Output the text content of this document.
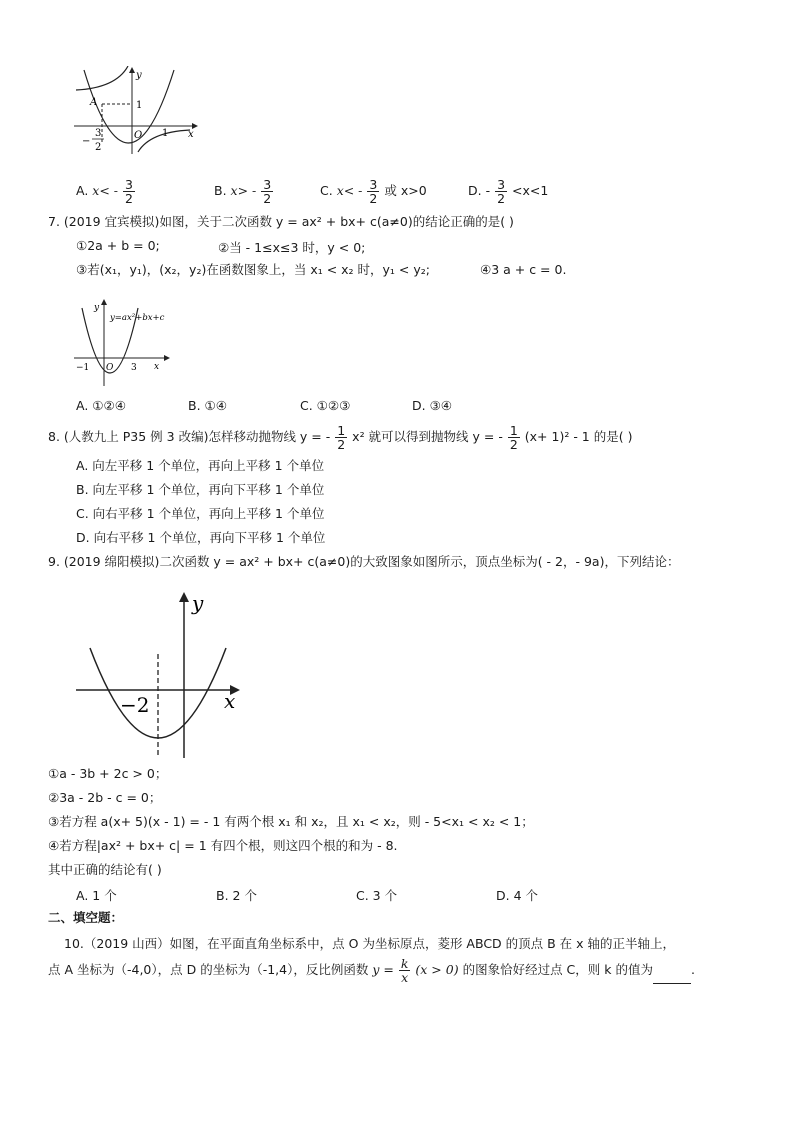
y
x
A	1
O 1
−
3
2
A. $x< - \frac{3}{2}$	B. $x> - \frac{3}{2}$	C. $x< - \frac{3}{2}$ 或 x>0	D. - $\frac{3}{2} <x<1$
7. (2019 宜宾模拟)如图，关于二次函数 y = ax² + bx+ c(a≠0)的结论正确的是( )
①2a + b = 0;	②当 - 1≤x≤3 时，y < 0;
③若(x₁，y₁)，(x₂，y₂)在函数图象上，当 x₁ < x₂ 时，y₁ < y₂;	④3 a + c = 0.
y
y=ax²+bx+c
−1 O 3 x
A. ①②④	B. ①④	C. ①②③	D. ③④
8. (人教九上 P35 例 3 改编)怎样移动抛物线 y = - $\frac{1}{2} x^2$ 就可以得到抛物线 y = - $\frac{1}{2} (x+ 1)^2 - 1$ 的是( )
A. 向左平移 1 个单位，再向上平移 1 个单位
B. 向左平移 1 个单位，再向下平移 1 个单位
C. 向右平移 1 个单位，再向上平移 1 个单位
D. 向右平移 1 个单位，再向下平移 1 个单位
9. (2019 绵阳模拟)二次函数 y = ax² + bx+ c(a≠0)的大致图象如图所示，顶点坐标为( - 2，- 9a)，下列结论：
y
x
−2
①a - 3b + 2c > 0；
②3a - 2b - c = 0；
③若方程 a(x+ 5)(x - 1) = - 1 有两个根 x₁ 和 x₂，且 x₁ < x₂，则 - 5<x₁ < x₂ < 1；
④若方程|ax² + bx+ c| = 1 有四个根，则这四个根的和为 - 8.
其中正确的结论有( )
A. 1 个	B. 2 个	C. 3 个	D. 4 个
二、填空题：
10.（2019 山西）如图，在平面直角坐标系中，点 O 为坐标原点，菱形 ABCD 的顶点 B 在 x 轴的正半轴上，
点 A 坐标为（-4,0），点 D 的坐标为（-1,4），反比例函数 $y = \frac{k}{x} (x > 0)$ 的图象恰好经过点 C，则 k 的值为	.
